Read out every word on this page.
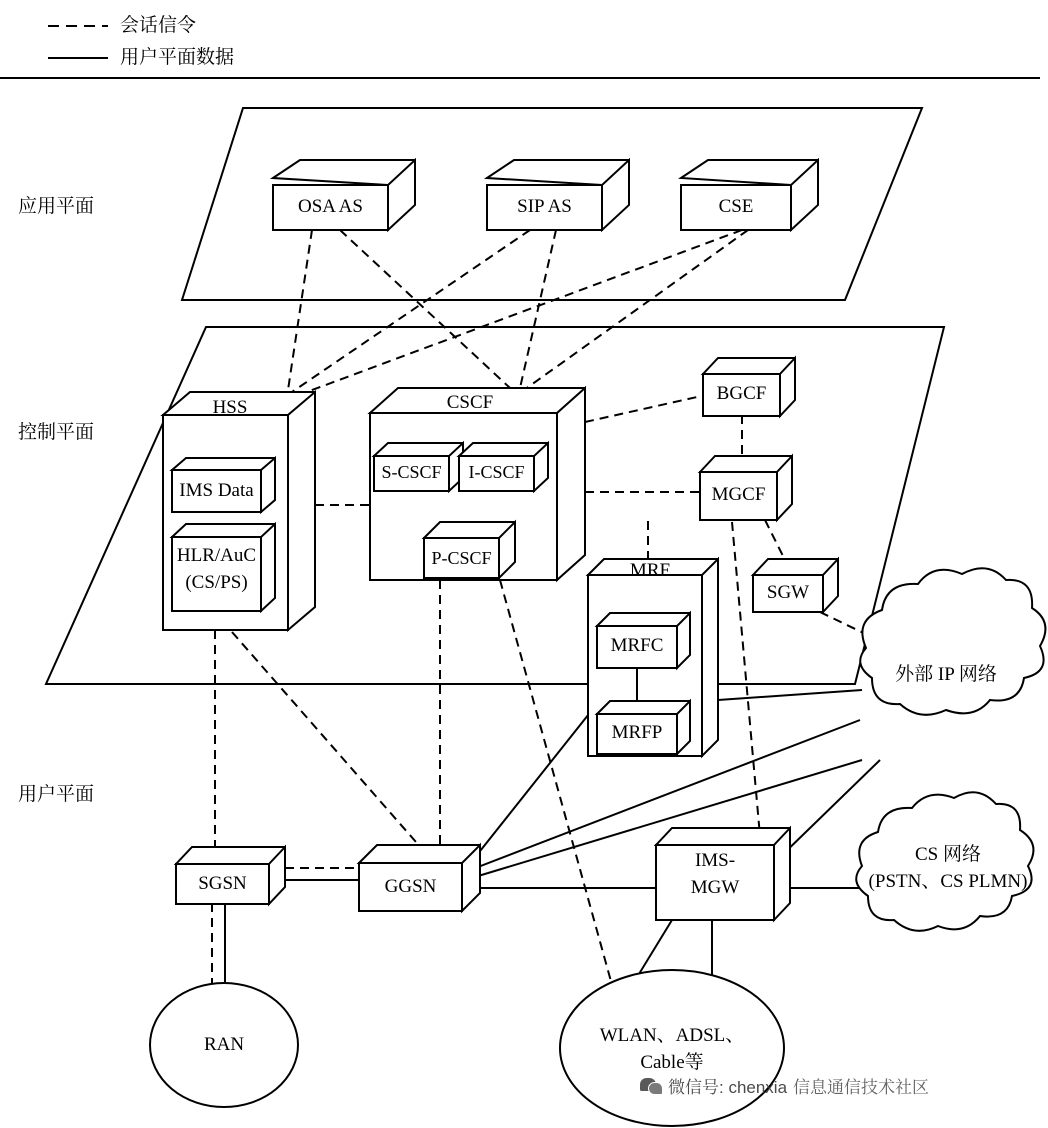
会话信令
用户平面数据
应用平面
控制平面
用户平面
OSA AS	SIP AS	CSE
HSS
IMS Data
HLR/AuC
(CS/PS)
CSCF
S-CSCF	I-CSCF
P-CSCF
BGCF
MGCF
SGW
MRF
MRFC
MRFP
SGSN	GGSN
IMS-
MGW
RAN	WLAN、ADSL、
Cable等
外部 IP 网络
CS 网络
(PSTN、CS PLMN)
微信号: chenxia 信息通信技术社区
